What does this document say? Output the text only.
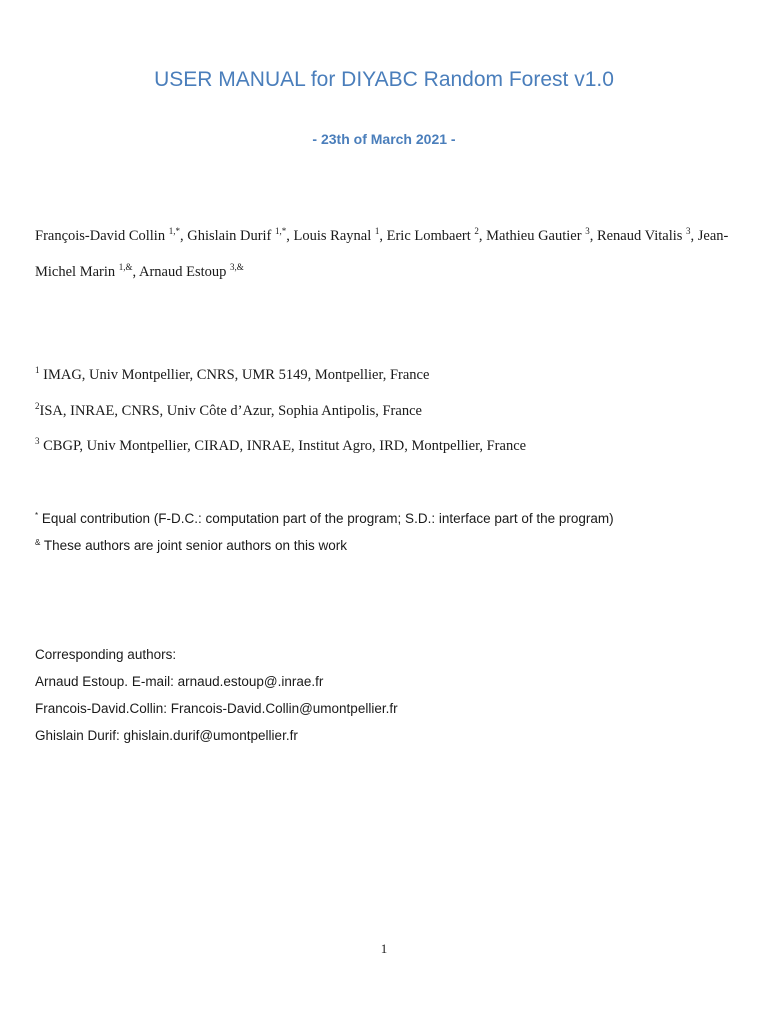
USER MANUAL for DIYABC Random Forest v1.0
- 23th of March 2021 -
François-David Collin $^{1,*}$, Ghislain Durif $^{1,*}$, Louis Raynal $^1$, Eric Lombaert $^2$, Mathieu Gautier $^3$, Renaud Vitalis $^3$, Jean-Michel Marin $^{1,\&}$, Arnaud Estoup $^{3,\&}$
$^1$ IMAG, Univ Montpellier, CNRS, UMR 5149, Montpellier, France
$^2$ISA, INRAE, CNRS, Univ Côte d’Azur, Sophia Antipolis, France
$^3$ CBGP, Univ Montpellier, CIRAD, INRAE, Institut Agro, IRD, Montpellier, France
* Equal contribution (F-D.C.: computation part of the program; S.D.: interface part of the program)
& These authors are joint senior authors on this work
Corresponding authors:
Arnaud Estoup. E-mail: arnaud.estoup@.inrae.fr
Francois-David.Collin: Francois-David.Collin@umontpellier.fr
Ghislain Durif: ghislain.durif@umontpellier.fr
1
